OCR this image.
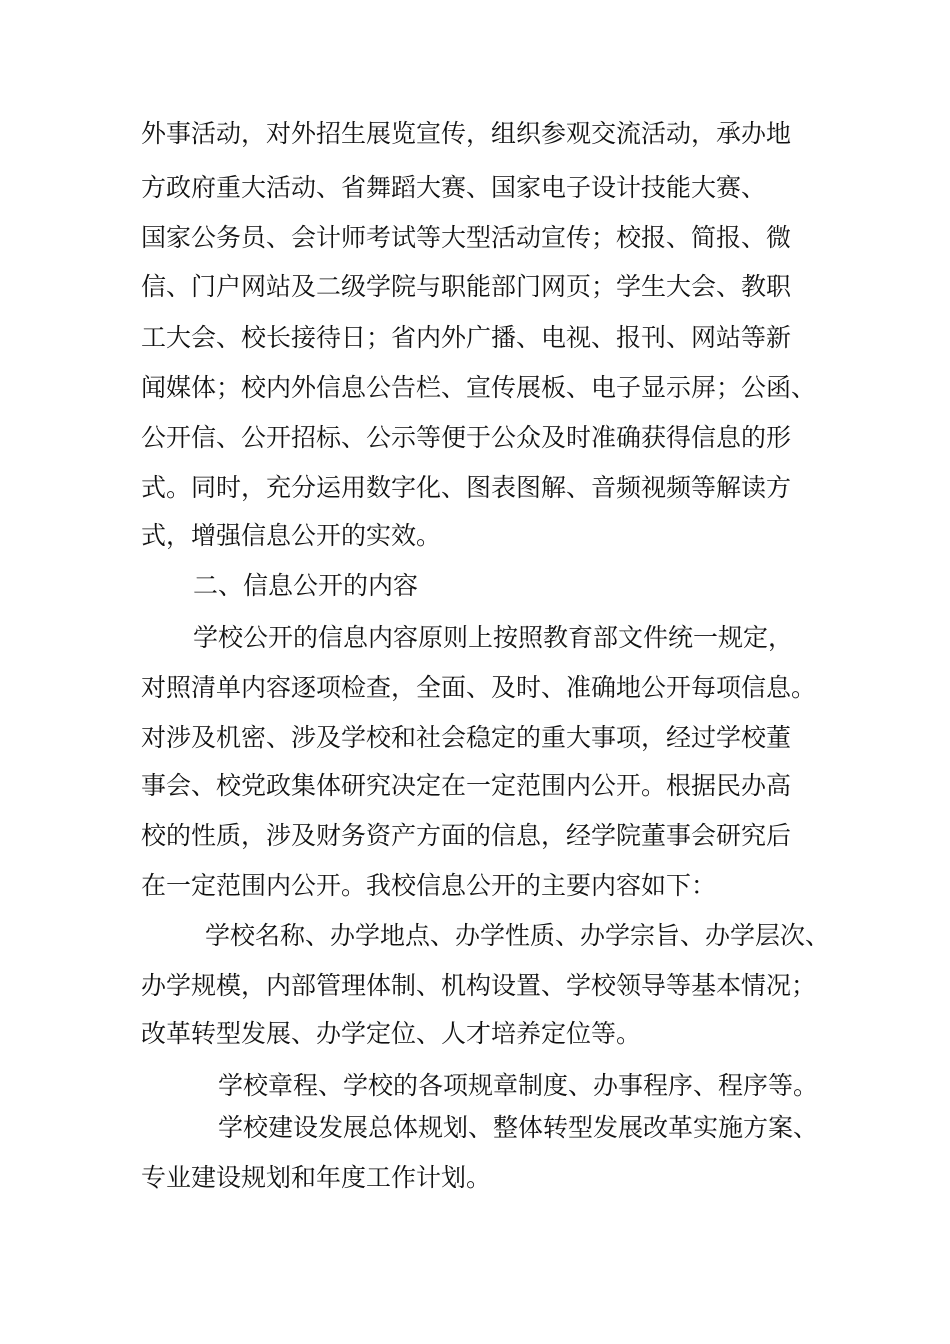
外事活动，对外招生展览宣传，组织参观交流活动，承办地
方政府重大活动、省舞蹈大赛、国家电子设计技能大赛、
国家公务员、会计师考试等大型活动宣传；校报、简报、微
信、门户网站及二级学院与职能部门网页；学生大会、教职
工大会、校长接待日；省内外广播、电视、报刊、网站等新
闻媒体；校内外信息公告栏、宣传展板、电子显示屏；公函、
公开信、公开招标、公示等便于公众及时准确获得信息的形
式。同时，充分运用数字化、图表图解、音频视频等解读方
式，增强信息公开的实效。
二、信息公开的内容
学校公开的信息内容原则上按照教育部文件统一规定，
对照清单内容逐项检查，全面、及时、准确地公开每项信息。
对涉及机密、涉及学校和社会稳定的重大事项，经过学校董
事会、校党政集体研究决定在一定范围内公开。根据民办高
校的性质，涉及财务资产方面的信息，经学院董事会研究后
在一定范围内公开。我校信息公开的主要内容如下：
学校名称、办学地点、办学性质、办学宗旨、办学层次、
办学规模，内部管理体制、机构设置、学校领导等基本情况；
改革转型发展、办学定位、人才培养定位等。
学校章程、学校的各项规章制度、办事程序、程序等。
学校建设发展总体规划、整体转型发展改革实施方案、
专业建设规划和年度工作计划。
